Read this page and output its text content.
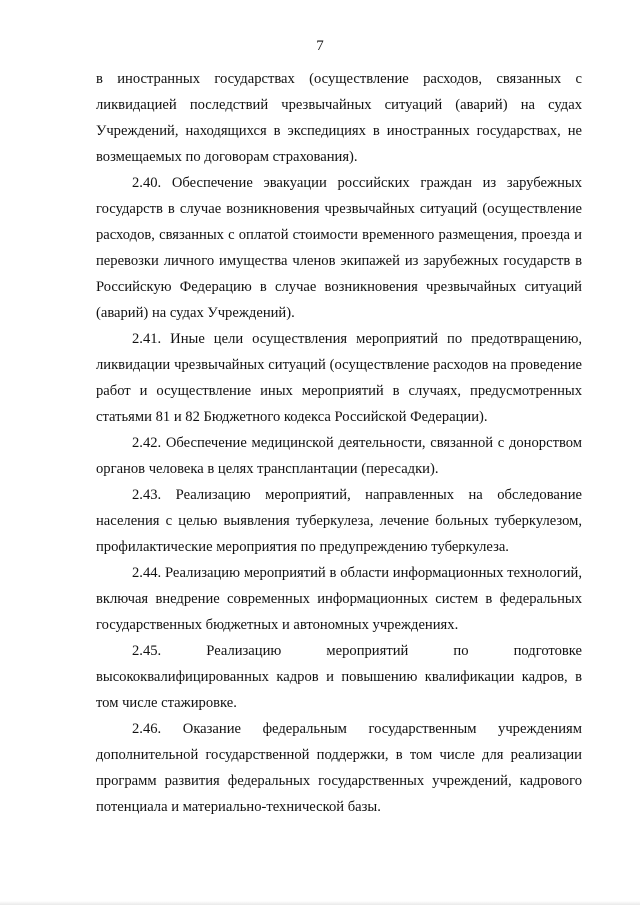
7

в иностранных государствах (осуществление расходов, связанных с ликвидацией последствий чрезвычайных ситуаций (аварий) на судах Учреждений, находящихся в экспедициях в иностранных государствах, не возмещаемых по договорам страхования).

2.40. Обеспечение эвакуации российских граждан из зарубежных государств в случае возникновения чрезвычайных ситуаций (осуществление расходов, связанных с оплатой стоимости временного размещения, проезда и перевозки личного имущества членов экипажей из зарубежных государств в Российскую Федерацию в случае возникновения чрезвычайных ситуаций (аварий) на судах Учреждений).

2.41. Иные цели осуществления мероприятий по предотвращению, ликвидации чрезвычайных ситуаций (осуществление расходов на проведение работ и осуществление иных мероприятий в случаях, предусмотренных статьями 81 и 82 Бюджетного кодекса Российской Федерации).

2.42. Обеспечение медицинской деятельности, связанной с донорством органов человека в целях трансплантации (пересадки).

2.43. Реализацию мероприятий, направленных на обследование населения с целью выявления туберкулеза, лечение больных туберкулезом, профилактические мероприятия по предупреждению туберкулеза.

2.44. Реализацию мероприятий в области информационных технологий, включая внедрение современных информационных систем в федеральных государственных бюджетных и автономных учреждениях.

2.45. Реализацию мероприятий по подготовке высококвалифицированных кадров и повышению квалификации кадров, в том числе стажировке.

2.46. Оказание федеральным государственным учреждениям дополнительной государственной поддержки, в том числе для реализации программ развития федеральных государственных учреждений, кадрового потенциала и материально-технической базы.
